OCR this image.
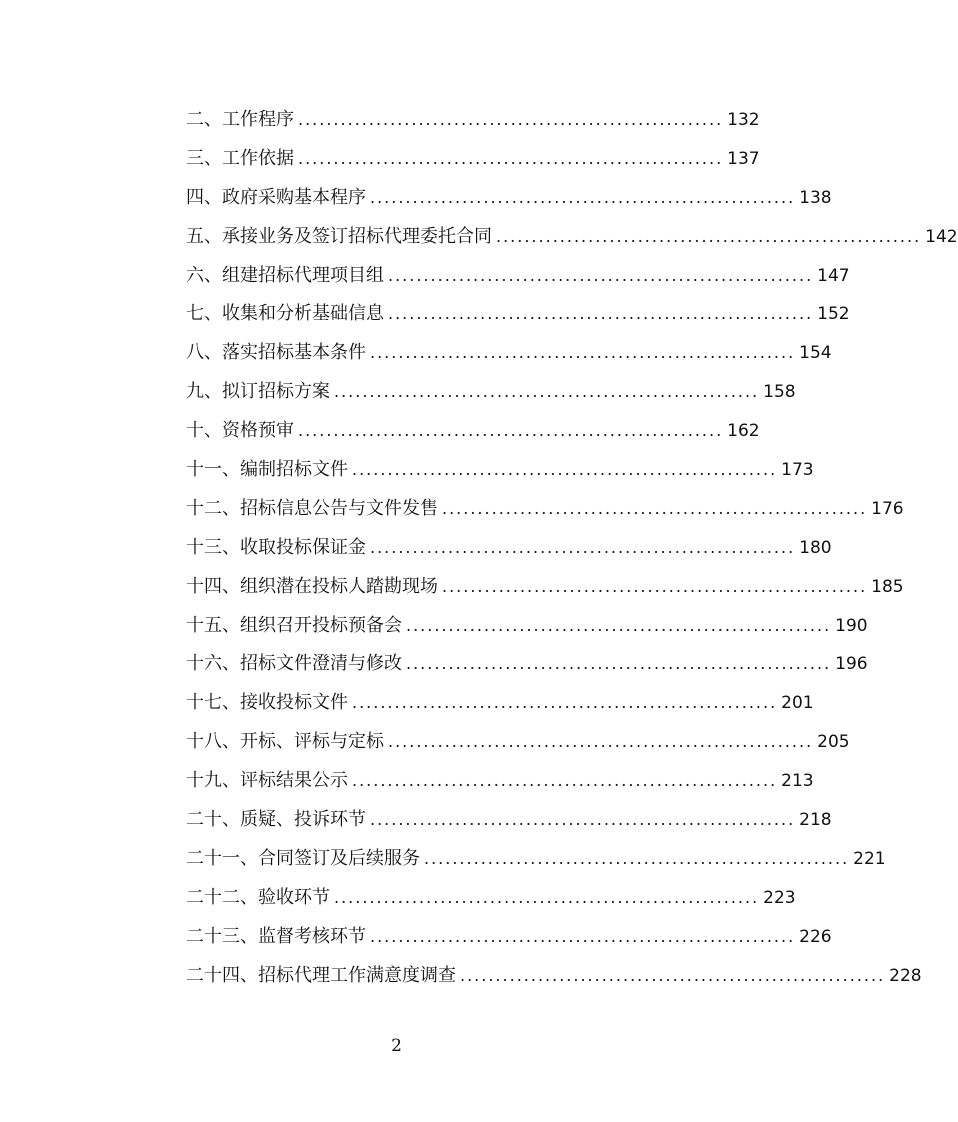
二、工作程序 ............................................................ 132
三、工作依据 ............................................................ 137
四、政府采购基本程序 ............................................................ 138
五、承接业务及签订招标代理委托合同 ............................................................ 142
六、组建招标代理项目组 ............................................................ 147
七、收集和分析基础信息 ............................................................ 152
八、落实招标基本条件 ............................................................ 154
九、拟订招标方案 ............................................................ 158
十、资格预审 ............................................................ 162
十一、编制招标文件 ............................................................ 173
十二、招标信息公告与文件发售 ............................................................ 176
十三、收取投标保证金 ............................................................ 180
十四、组织潜在投标人踏勘现场 ............................................................ 185
十五、组织召开投标预备会 ............................................................ 190
十六、招标文件澄清与修改 ............................................................ 196
十七、接收投标文件 ............................................................ 201
十八、开标、评标与定标 ............................................................ 205
十九、评标结果公示 ............................................................ 213
二十、质疑、投诉环节 ............................................................ 218
二十一、合同签订及后续服务 ............................................................ 221
二十二、验收环节 ............................................................ 223
二十三、监督考核环节 ............................................................ 226
二十四、招标代理工作满意度调查 ............................................................ 228
2
